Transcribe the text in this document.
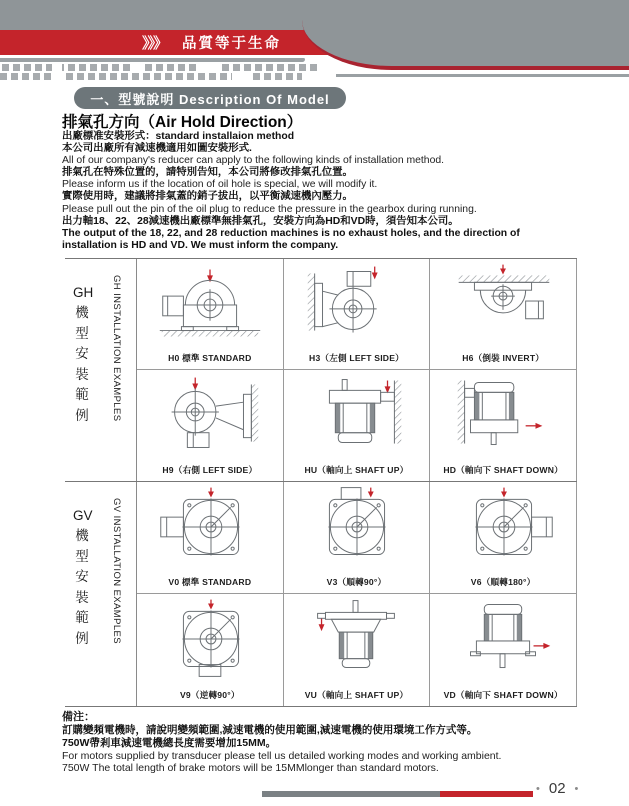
》》》 品質等于生命
一、型號說明 Description Of Model
排氣孔方向（Air Hold Direction）
出廠標准安裝形式：standard installaion method
本公司出廠所有減速機適用如圖安裝形式.
All of our company's reducer can apply to the following kinds of installation method.
排氣孔在特殊位置的，請特別告知，本公司將修改排氣孔位置。
Please inform us if the location of oil hole is special, we will modify it.
實際使用時，建議將排氣蓋的銷子拔出，以平衡減速機內壓力。
Please pull out the pin of the oil plug to reduce the pressure in the gearbox during running.
出力軸18、22、28減速機出廠標準無排氣孔，安裝方向為HD和VD時，須告知本公司。
The output of the 18, 22, and 28 reduction machines is no exhaust holes, and the direction of
installation is HD and VD. We must inform the company.
GH
機型安裝範例 GH INSTALLATION EXAMPLES	H0 標準 STANDARD	H3（左側 LEFT SIDE）	H6（倒裝 INVERT）
H9（右側 LEFT SIDE）	HU（軸向上 SHAFT UP）	HD（軸向下 SHAFT DOWN）
GV
機型安裝範例 GV INSTALLATION EXAMPLES	V0 標準 STANDARD	V3（順轉90°）	V6（順轉180°）
V9（逆轉90°）	VU（軸向上 SHAFT UP）	VD（軸向下 SHAFT DOWN）
備注：
訂購變頻電機時，請說明變頻範圍,減速電機的使用範圍,減速電機的使用環境工作方式等。
750W帶剎車減速電機總長度需要增加15MM。
For motors supplied by transducer please tell us detailed working modes and working ambient.
750W The total length of brake motors will be 15MMlonger than standard motors.
• 02 •
